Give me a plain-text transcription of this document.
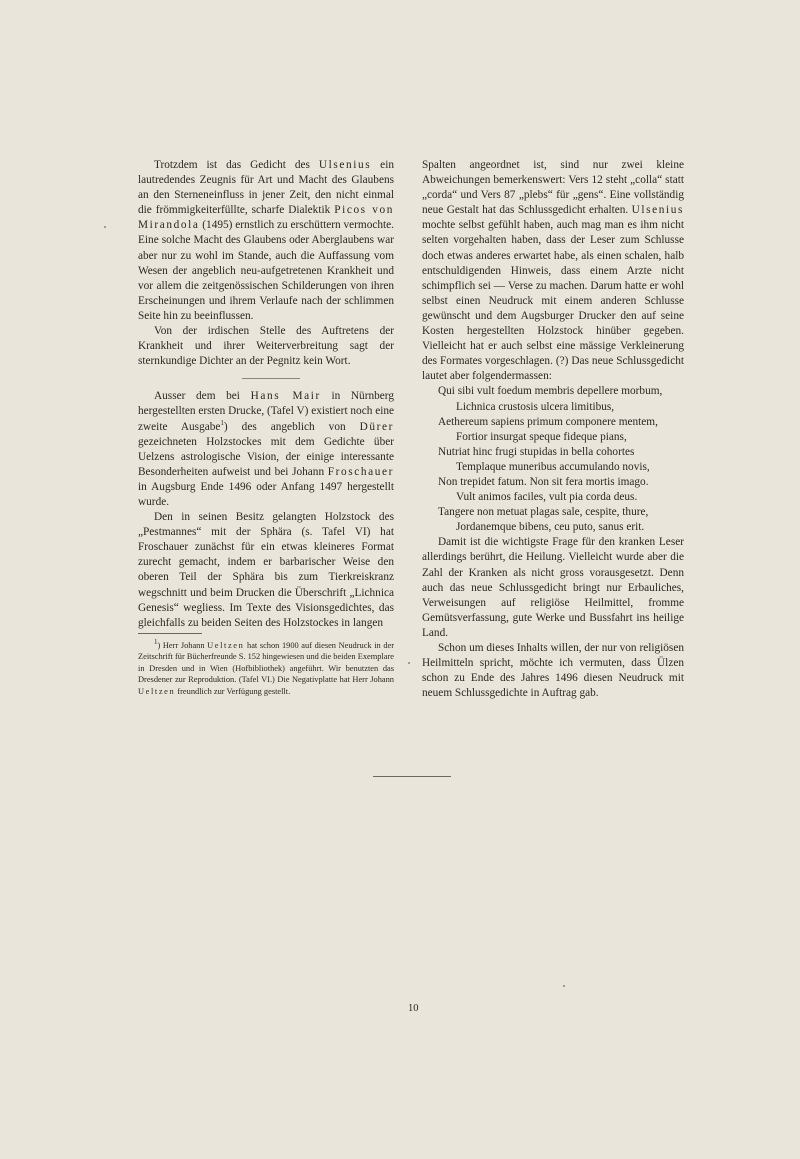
Trotzdem ist das Gedicht des Ulsenius ein lautredendes Zeugnis für Art und Macht des Glaubens an den Sterneneinfluss in jener Zeit, den nicht einmal die frömmigkeiterfüllte, scharfe Dialektik Picos von Mirandola (1495) ernstlich zu erschüttern vermochte. Eine solche Macht des Glaubens oder Aberglaubens war aber nur zu wohl im Stande, auch die Auffassung vom Wesen der angeblich neu-aufgetretenen Krankheit und vor allem die zeitgenössischen Schilderungen von ihren Erscheinungen und ihrem Verlaufe nach der schlimmen Seite hin zu beeinflussen.

Von der irdischen Stelle des Auftretens der Krankheit und ihrer Weiterverbreitung sagt der sternkundige Dichter an der Pegnitz kein Wort.

Ausser dem bei Hans Mair in Nürnberg hergestellten ersten Drucke, (Tafel V) existiert noch eine zweite Ausgabe$^1$) des angeblich von Dürer gezeichneten Holzstockes mit dem Gedichte über Uelzens astrologische Vision, der einige interessante Besonderheiten aufweist und bei Johann Froschauer in Augsburg Ende 1496 oder Anfang 1497 hergestellt wurde.

Den in seinen Besitz gelangten Holzstock des „Pestmannes“ mit der Sphära (s. Tafel VI) hat Froschauer zunächst für ein etwas kleineres Format zurecht gemacht, indem er barbarischer Weise den oberen Teil der Sphära bis zum Tierkreiskranz wegschnitt und beim Drucken die Überschrift „Lichnica Genesis“ wegliess. Im Texte des Visionsgedichtes, das gleichfalls zu beiden Seiten des Holzstockes in langen

$^1$) Herr Johann Ueltzen hat schon 1900 auf diesen Neudruck in der Zeitschrift für Bücherfreunde S. 152 hingewiesen und die beiden Exemplare in Dresden und in Wien (Hofbibliothek) angeführt. Wir benutzten das Dresdener zur Reproduktion. (Tafel VI.) Die Negativplatte hat Herr Johann Ueltzen freundlich zur Verfügung gestellt.

Spalten angeordnet ist, sind nur zwei kleine Abweichungen bemerkenswert: Vers 12 steht „colla“ statt „corda“ und Vers 87 „plebs“ für „gens“. Eine vollständig neue Gestalt hat das Schlussgedicht erhalten. Ulsenius mochte selbst gefühlt haben, auch mag man es ihm nicht selten vorgehalten haben, dass der Leser zum Schlusse doch etwas anderes erwartet habe, als einen schalen, halb entschuldigenden Hinweis, dass einem Arzte nicht schimpflich sei — Verse zu machen. Darum hatte er wohl selbst einen Neudruck mit einem anderen Schlusse gewünscht und dem Augsburger Drucker den auf seine Kosten hergestellten Holzstock hinüber gegeben. Vielleicht hat er auch selbst eine mässige Verkleinerung des Formates vorgeschlagen. (?) Das neue Schlussgedicht lautet aber folgendermassen:

Qui sibi vult foedum membris depellere morbum,

Lichnica crustosis ulcera limitibus,

Aethereum sapiens primum componere mentem,

Fortior insurgat speque fideque pians,

Nutriat hinc frugi stupidas in bella cohortes

Templaque muneribus accumulando novis,

Non trepidet fatum. Non sit fera mortis imago.

Vult animos faciles, vult pia corda deus.

Tangere non metuat plagas sale, cespite, thure,

Jordanemque bibens, ceu puto, sanus erit.

Damit ist die wichtigste Frage für den kranken Leser allerdings berührt, die Heilung. Vielleicht wurde aber die Zahl der Kranken als nicht gross vorausgesetzt. Denn auch das neue Schlussgedicht bringt nur Erbauliches, Verweisungen auf religiöse Heilmittel, fromme Gemütsverfassung, gute Werke und Bussfahrt ins heilige Land.

Schon um dieses Inhalts willen, der nur von religiösen Heilmitteln spricht, möchte ich vermuten, dass Ülzen schon zu Ende des Jahres 1496 diesen Neudruck mit neuem Schlussgedichte in Auftrag gab.

10
